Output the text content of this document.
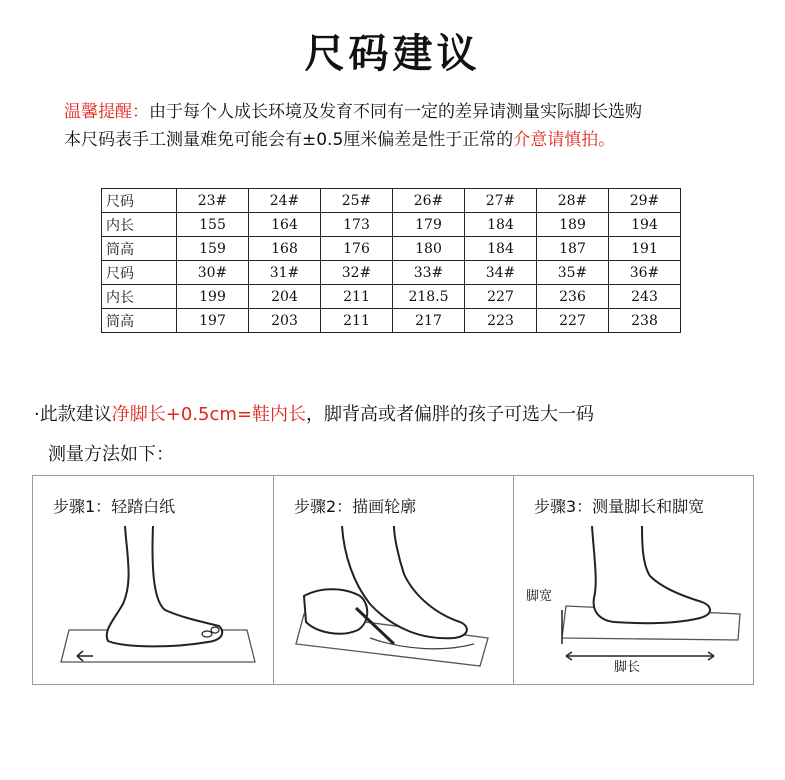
尺码建议
温馨提醒：由于每个人成长环境及发育不同有一定的差异请测量实际脚长选购
本尺码表手工测量难免可能会有±0.5厘米偏差是性于正常的介意请慎拍。
尺码	23#	24#	25#	26#	27#	28#	29#
内长	155	164	173	179	184	189	194
筒高	159	168	176	180	184	187	191
尺码	30#	31#	32#	33#	34#	35#	36#
内长	199	204	211	218.5	227	236	243
筒高	197	203	211	217	223	227	238
·此款建议净脚长+0.5cm=鞋内长，脚背高或者偏胖的孩子可选大一码
测量方法如下：
步骤1：轻踏白纸	步骤2：描画轮廓	步骤3：测量脚长和脚宽
脚宽
脚长
